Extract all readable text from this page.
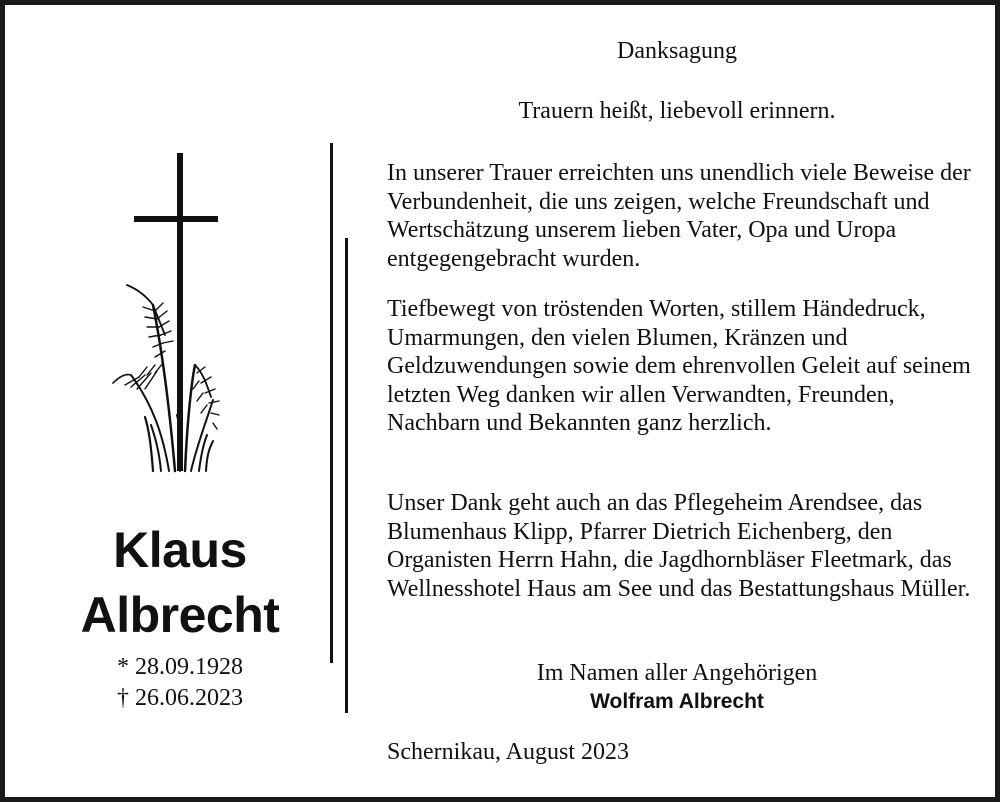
Klaus
Albrecht
* 28.09.1928
† 26.06.2023
Danksagung
Trauern heißt, liebevoll erinnern.

In unserer Trauer erreichten uns unendlich viele Beweise der Verbundenheit, die uns zeigen, welche Freundschaft und Wertschätzung unserem lieben Vater, Opa und Uropa entgegengebracht wurden.

Tiefbewegt von tröstenden Worten, stillem Händedruck, Umarmungen, den vielen Blumen, Kränzen und Geldzuwendungen sowie dem ehrenvollen Geleit auf seinem letzten Weg danken wir allen Verwandten, Freunden, Nachbarn und Bekannten ganz herzlich.

Unser Dank geht auch an das Pflegeheim Arendsee, das Blumenhaus Klipp, Pfarrer Dietrich Eichenberg, den Organisten Herrn Hahn, die Jagdhornbläser Fleetmark, das Wellnesshotel Haus am See und das Bestattungshaus Müller.

Im Namen aller Angehörigen
Wolfram Albrecht
Schernikau, August 2023
